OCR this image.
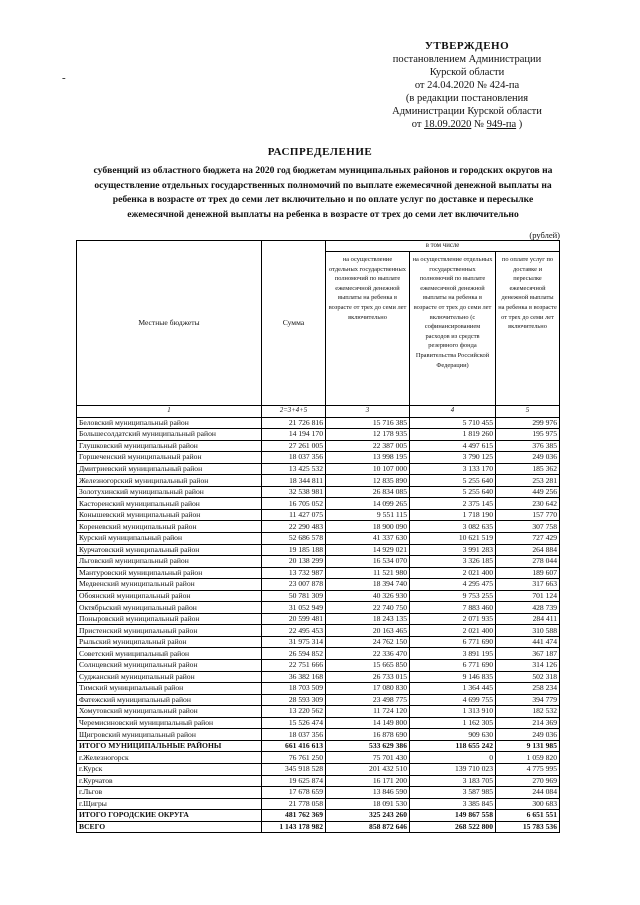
УТВЕРЖДЕНО
постановлением Администрации
Курской области
от 24.04.2020 № 424-па
(в редакции постановления
Администрации Курской области
от 18.09.2020 № 949-па )
-
РАСПРЕДЕЛЕНИЕ
субвенций из областного бюджета на 2020 год бюджетам муниципальных районов и городских округов на осуществление отдельных государственных полномочий по выплате ежемесячной денежной выплаты на ребенка в возрасте от трех до семи лет включительно и по оплате услуг по доставке и пересылке ежемесячной денежной выплаты на ребенка в возрасте от трех до семи лет включительно
(рублей)
Местные бюджеты	Сумма	в том числе		

		на осуществление отдельных государственных полномочий по выплате ежемесячной денежной выплаты на ребенка в возрасте от трех до семи лет включительно	на осуществление отдельных государственных полномочий по выплате ежемесячной денежной выплаты на ребенка в возрасте от трех до семи лет включительно (с софинансированием расходов из средств резервного фонда Правительства Российской Федерации)	по оплате услуг по доставке и пересылке ежемесячной денежной выплаты на ребенка в возрасте от трех до семи лет включительно

1	2=3+4+5	3	4	5
Беловский муниципальный район	21 726 816	15 716 385	5 710 455	299 976
Большесолдатский муниципальный район	14 194 170	12 178 935	1 819 260	195 975
Глушковский муниципальный район	27 261 005	22 387 005	4 497 615	376 385
Горшеченский муниципальный район	18 037 356	13 998 195	3 790 125	249 036
Дмитриевский муниципальный район	13 425 532	10 107 000	3 133 170	185 362
Железногорский муниципальный район	18 344 811	12 835 890	5 255 640	253 281
Золотухинский муниципальный район	32 538 981	26 834 085	5 255 640	449 256
Касторенский муниципальный район	16 705 052	14 099 265	2 375 145	230 642
Конышевский муниципальный район	11 427 075	9 551 115	1 718 190	157 770
Кореневский муниципальный район	22 290 483	18 900 090	3 082 635	307 758
Курский муниципальный район	52 686 578	41 337 630	10 621 519	727 429
Курчатовский муниципальный район	19 185 188	14 929 021	3 991 283	264 884
Льговский муниципальный район	20 138 299	16 534 070	3 326 185	278 044
Мантуровский муниципальный район	13 732 987	11 521 980	2 021 400	189 607
Медвенский муниципальный район	23 007 878	18 394 740	4 295 475	317 663
Обоянский муниципальный район	50 781 309	40 326 930	9 753 255	701 124
Октябрьский муниципальный район	31 052 949	22 740 750	7 883 460	428 739
Поныровский муниципальный район	20 599 481	18 243 135	2 071 935	284 411
Пристенский муниципальный район	22 495 453	20 163 465	2 021 400	310 588
Рыльский муниципальный район	31 975 314	24 762 150	6 771 690	441 474
Советский муниципальный район	26 594 852	22 336 470	3 891 195	367 187
Солнцевский муниципальный район	22 751 666	15 665 850	6 771 690	314 126
Суджанский муниципальный район	36 382 168	26 733 015	9 146 835	502 318
Тимский муниципальный район	18 703 509	17 080 830	1 364 445	258 234
Фатежский муниципальный район	28 593 309	23 498 775	4 699 755	394 779
Хомутовский муниципальный район	13 220 562	11 724 120	1 313 910	182 532
Черемисиновский муниципальный район	15 526 474	14 149 800	1 162 305	214 369
Щигровский муниципальный район	18 037 356	16 878 690	909 630	249 036
ИТОГО МУНИЦИПАЛЬНЫЕ РАЙОНЫ	661 416 613	533 629 386	118 655 242	9 131 985
г.Железногорск	76 761 250	75 701 430	0	1 059 820
г.Курск	345 918 528	201 432 510	139 710 023	4 775 995
г.Курчатов	19 625 874	16 171 200	3 183 705	270 969
г.Льгов	17 678 659	13 846 590	3 587 985	244 084
г.Щигры	21 778 058	18 091 530	3 385 845	300 683
ИТОГО ГОРОДСКИЕ ОКРУГА	481 762 369	325 243 260	149 867 558	6 651 551
ВСЕГО	1 143 178 982	858 872 646	268 522 800	15 783 536
